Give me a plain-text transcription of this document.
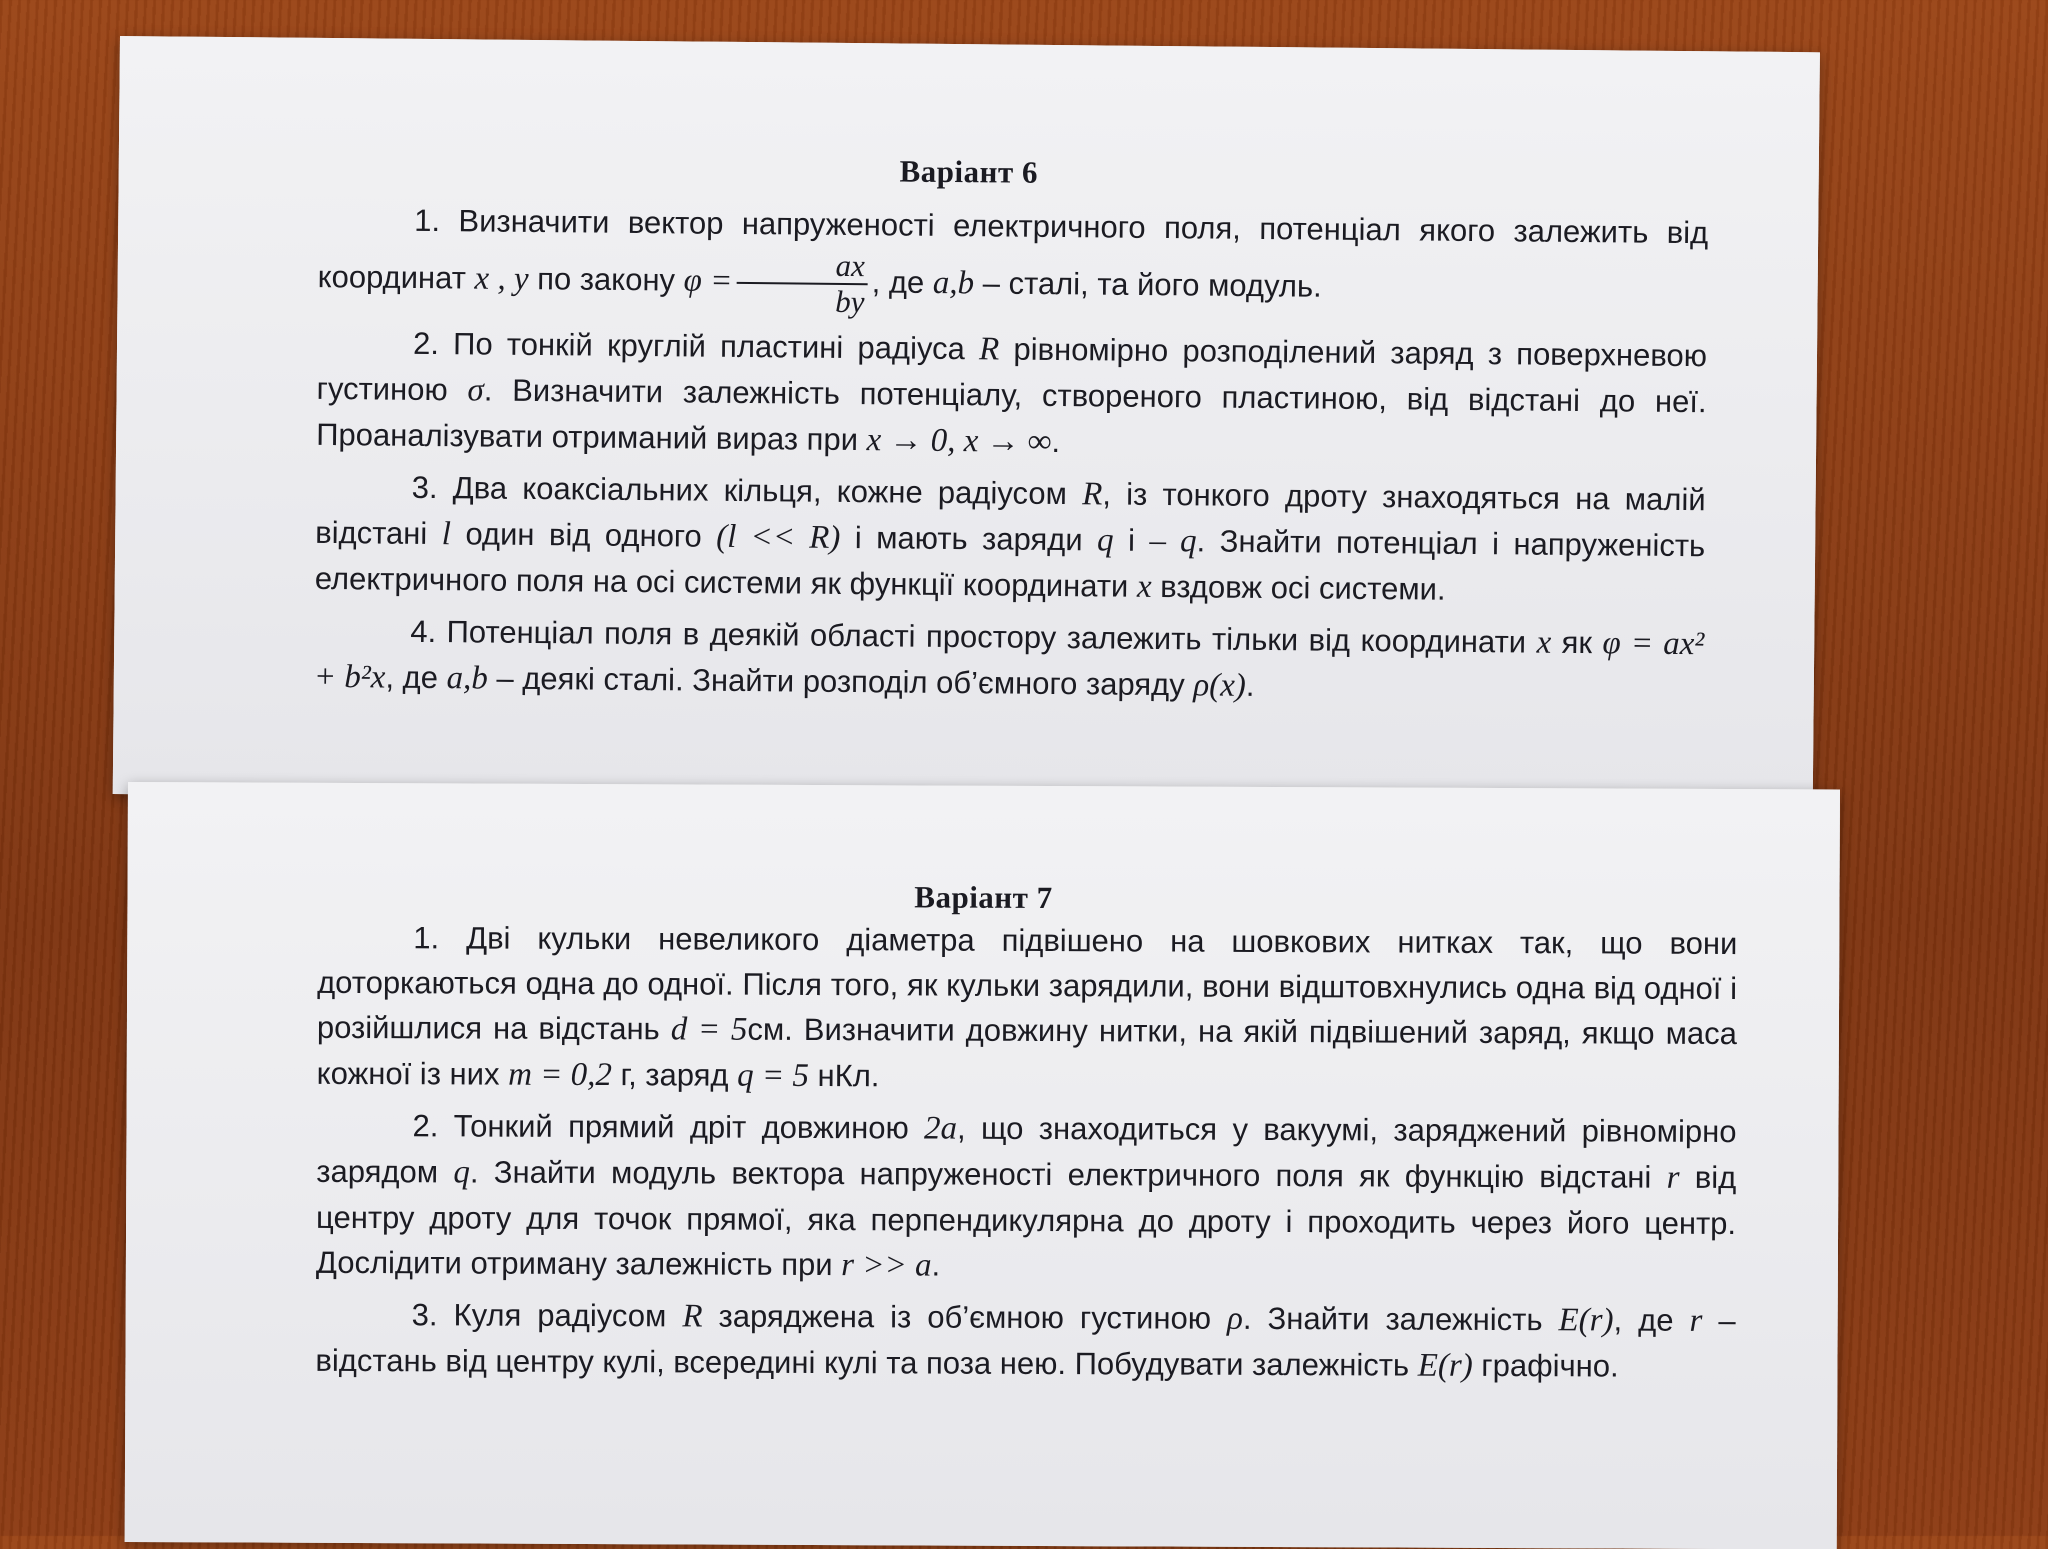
Варіант 6

1. Визначити вектор напруженості електричного поля, потенціал якого залежить від координат x , y по закону $\varphi = \frac{ax}{by}$ , де a,b – сталі, та його модуль.

2. По тонкій круглій пластині радіуса R рівномірно розподілений заряд з поверхневою густиною σ. Визначити залежність потенціалу, створеного пластиною, від відстані до неї. Проаналізувати отриманий вираз при x → 0, x → ∞.

3. Два коаксіальних кільця, кожне радіусом R, із тонкого дроту знаходяться на малій відстані l один від одного (l << R) і мають заряди q і – q. Знайти потенціал і напруженість електричного поля на осі системи як функції координати x вздовж осі системи.

4. Потенціал поля в деякій області простору залежить тільки від координати x як φ = ax² + b²x, де a,b – деякі сталі. Знайти розподіл об’ємного заряду ρ(x).

Варіант 7

1. Дві кульки невеликого діаметра підвішено на шовкових нитках так, що вони доторкаються одна до одної. Після того, як кульки зарядили, вони відштовхнулись одна від одної і розійшлися на відстань d = 5см. Визначити довжину нитки, на якій підвішений заряд, якщо маса кожної із них m = 0,2 г, заряд q = 5 нКл.

2. Тонкий прямий дріт довжиною 2a, що знаходиться у вакуумі, заряджений рівномірно зарядом q. Знайти модуль вектора напруженості електричного поля як функцію відстані r від центру дроту для точок прямої, яка перпендикулярна до дроту і проходить через його центр. Дослідити отриману залежність при r >> a.

3. Куля радіусом R заряджена із об’ємною густиною ρ. Знайти залежність E(r), де r – відстань від центру кулі, всередині кулі та поза нею. Побудувати залежність E(r) графічно.
